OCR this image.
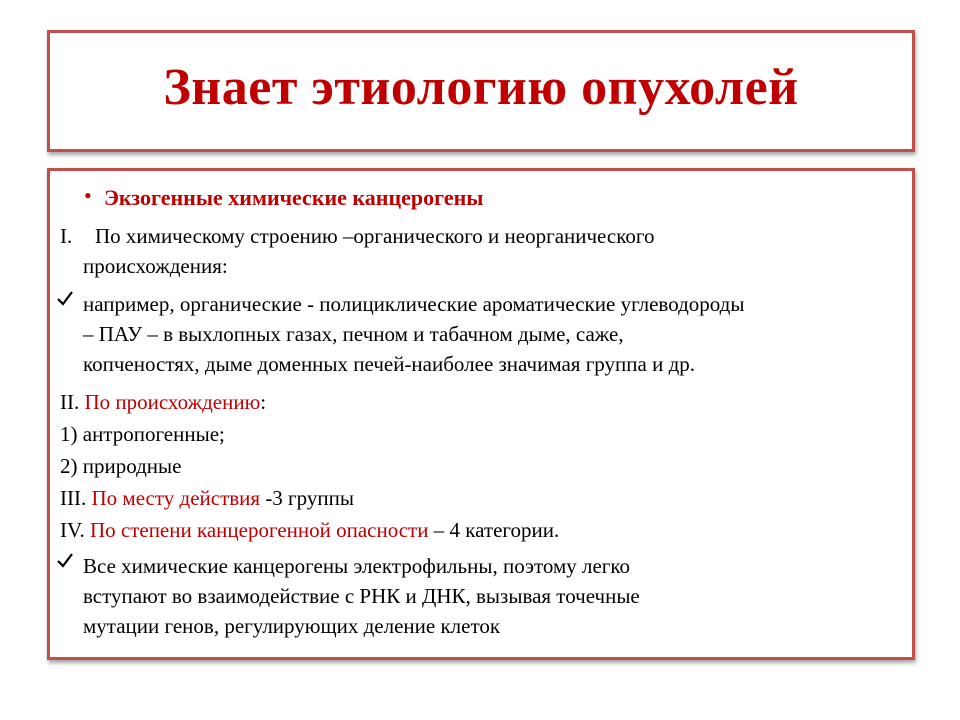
Знает этиологию опухолей
• Экзогенные химические канцерогены
I. По химическому строению –органического и неорганического
происхождения:
например, органические - полициклические ароматические углеводороды
– ПАУ – в выхлопных газах, печном и табачном дыме, саже,
копченостях, дыме доменных печей-наиболее значимая группа и др.
II. По происхождению:
1) антропогенные;
2) природные
III. По месту действия -3 группы
IV. По степени канцерогенной опасности – 4 категории.
Все химические канцерогены электрофильны, поэтому легко
вступают во взаимодействие с РНК и ДНК, вызывая точечные
мутации генов, регулирующих деление клеток
